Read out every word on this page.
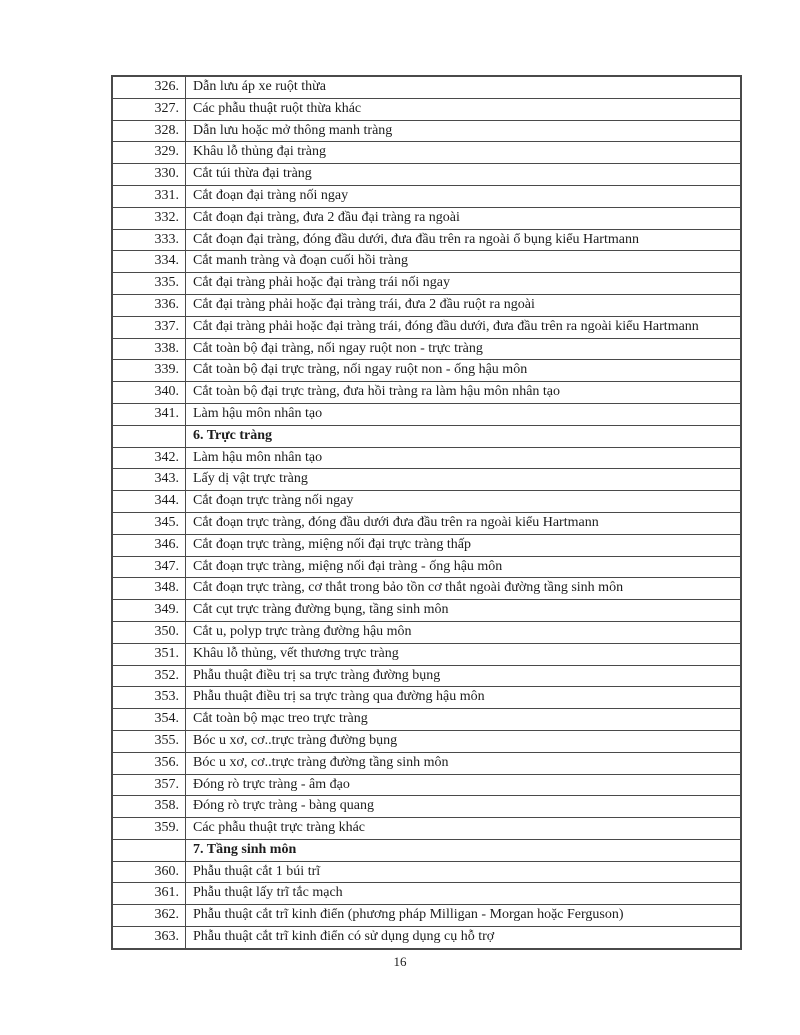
326.	Dẫn lưu áp xe ruột thừa
327.	Các phẫu thuật ruột thừa khác
328.	Dẫn lưu hoặc mở thông manh tràng
329.	Khâu lỗ thủng đại tràng
330.	Cắt túi thừa đại tràng
331.	Cắt đoạn đại tràng nối ngay
332.	Cắt đoạn đại tràng, đưa 2 đầu đại tràng ra ngoài
333.	Cắt đoạn đại tràng, đóng đầu dưới, đưa đầu trên ra ngoài ổ bụng kiểu Hartmann
334.	Cắt manh tràng và đoạn cuối hồi tràng
335.	Cắt đại tràng phải hoặc đại tràng trái nối ngay
336.	Cắt đại tràng phải hoặc đại tràng trái, đưa 2 đầu ruột ra ngoài
337.	Cắt đại tràng phải hoặc đại tràng trái, đóng đầu dưới, đưa đầu trên ra ngoài kiểu Hartmann
338.	Cắt toàn bộ đại tràng, nối ngay ruột non - trực tràng
339.	Cắt toàn bộ đại trực tràng, nối ngay ruột non - ống hậu môn
340.	Cắt toàn bộ đại trực tràng, đưa hồi tràng ra làm hậu môn nhân tạo
341.	Làm hậu môn nhân tạo
	6. Trực tràng
342.	Làm hậu môn nhân tạo
343.	Lấy dị vật trực tràng
344.	Cắt đoạn trực tràng nối ngay
345.	Cắt đoạn trực tràng, đóng đầu dưới đưa đầu trên ra ngoài kiểu Hartmann
346.	Cắt đoạn trực tràng, miệng nối đại trực tràng thấp
347.	Cắt đoạn trực tràng, miệng nối đại tràng - ống hậu môn
348.	Cắt đoạn trực tràng, cơ thắt trong bảo tồn cơ thắt ngoài đường tầng sinh môn
349.	Cắt cụt trực tràng đường bụng, tầng sinh môn
350.	Cắt u, polyp trực tràng đường hậu môn
351.	Khâu lỗ thủng, vết thương trực tràng
352.	Phẫu thuật điều trị sa trực tràng đường bụng
353.	Phẫu thuật điều trị sa trực tràng qua đường hậu môn
354.	Cắt toàn bộ mạc treo trực tràng
355.	Bóc u xơ, cơ..trực tràng đường bụng
356.	Bóc u xơ, cơ..trực tràng đường tầng sinh môn
357.	Đóng rò trực tràng - âm đạo
358.	Đóng rò trực tràng - bàng quang
359.	Các phẫu thuật trực tràng khác
	7. Tầng sinh môn
360.	Phẫu thuật cắt 1 búi trĩ
361.	Phẫu thuật lấy trĩ tắc mạch
362.	Phẫu thuật cắt trĩ kinh điển (phương pháp Milligan - Morgan hoặc Ferguson)
363.	Phẫu thuật cắt trĩ kinh điển có sử dụng dụng cụ hỗ trợ
16
